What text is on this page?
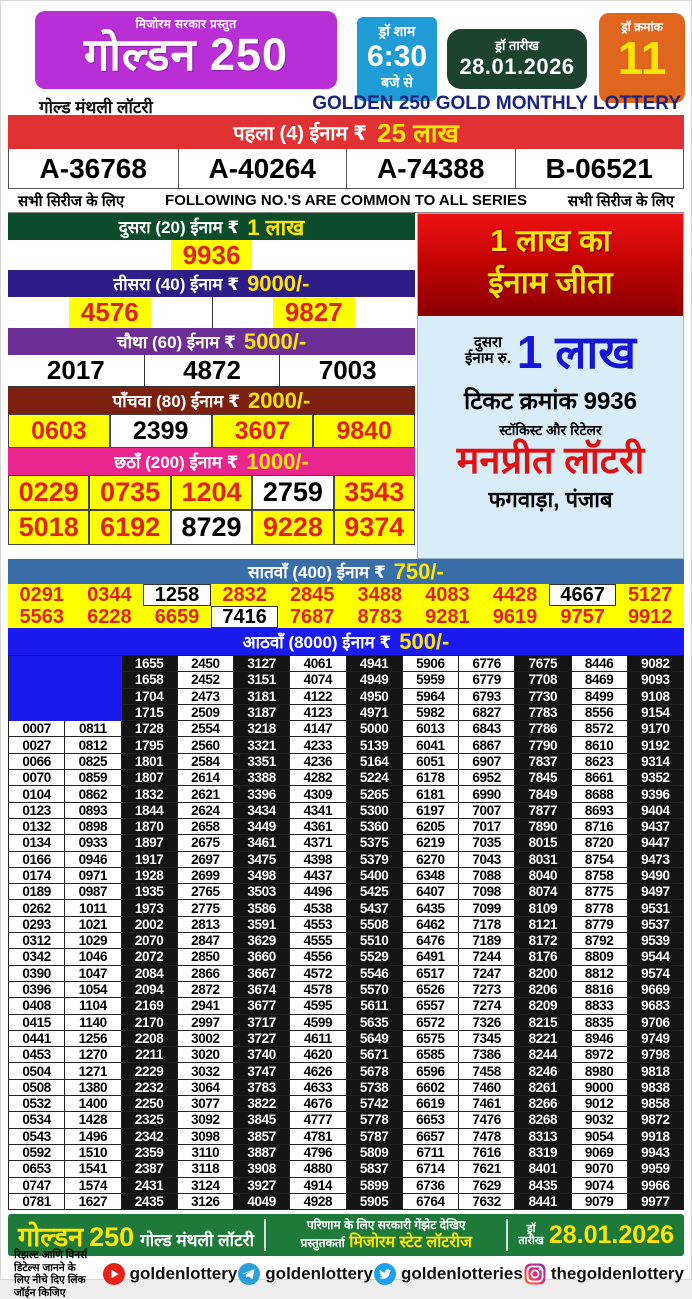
मिजोरम सरकार प्रस्तुत
गोल्डन 250
गोल्ड मंथली लॉटरी
ड्रॉ शाम
6:30
बजे से
ड्रॉ तारीख
28.01.2026
ड्रॉ क्रमांक
11
GOLDEN 250 GOLD MONTHLY LOTTERY
पहला (4) ईनाम ₹ 25 लाख
A-36768	A-40264	A-74388	B-06521
सभी सिरीज के लिए	FOLLOWING NO.'S ARE COMMON TO ALL SERIES	सभी सिरीज के लिए
दुसरा (20) ईनाम ₹ 1 लाख
9936
तीसरा (40) ईनाम ₹ 9000/-
4576	9827
चौथा (60) ईनाम ₹ 5000/-
2017	4872	7003
पाँचवा (80) ईनाम ₹ 2000/-
0603	2399	3607	9840
छठाँ (200) ईनाम ₹ 1000/-
0229 0735 1204 2759 3543
5018 6192 8729 9228 9374
1 लाख का
ईनाम जीता
दुसरा
ईनाम रु. 1 लाख
टिकट क्रमांक 9936
स्टॉकिस्ट और रिटेलर
मनप्रीत लॉटरी
फगवाड़ा, पंजाब
सातवाँ (400) ईनाम ₹ 750/-
0291	0344	1258	2832	2845	3488	4083	4428	4667	5127
5563	6228	6659	7416	7687	8783	9281	9619	9757	9912
आठवाँ (8000) ईनाम ₹ 500/-
1655	2450	3127	4061	4941	5906	6776	7675	8446	9082
1658	2452	3151	4074	4949	5959	6779	7708	8469	9093
1704	2473	3181	4122	4950	5964	6793	7730	8499	9108
1715	2509	3187	4123	4971	5982	6827	7783	8556	9154
0007	0811	1728	2554	3218	4147	5000	6013	6843	7786	8572	9170
0027	0812	1795	2560	3321	4233	5139	6041	6867	7790	8610	9192
0066	0825	1801	2584	3351	4236	5164	6051	6907	7837	8623	9314
0070	0859	1807	2614	3388	4282	5224	6178	6952	7845	8661	9352
0104	0862	1832	2621	3396	4309	5265	6181	6990	7849	8688	9396
0123	0893	1844	2624	3434	4341	5300	6197	7007	7877	8693	9404
0132	0898	1870	2658	3449	4361	5360	6205	7017	7890	8716	9437
0134	0933	1897	2675	3461	4371	5375	6219	7035	8015	8720	9447
0166	0946	1917	2697	3475	4398	5379	6270	7043	8031	8754	9473
0174	0971	1928	2699	3498	4437	5400	6348	7088	8040	8758	9490
0189	0987	1935	2765	3503	4496	5425	6407	7098	8074	8775	9497
0262	1011	1973	2775	3586	4538	5437	6435	7099	8109	8778	9531
0293	1021	2002	2813	3591	4553	5508	6462	7178	8121	8779	9537
0312	1029	2070	2847	3629	4555	5510	6476	7189	8172	8792	9539
0342	1046	2072	2850	3660	4556	5529	6491	7244	8176	8809	9544
0390	1047	2084	2866	3667	4572	5546	6517	7247	8200	8812	9574
0396	1054	2094	2872	3674	4578	5570	6526	7273	8206	8816	9669
0408	1104	2169	2941	3677	4595	5611	6557	7274	8209	8833	9683
0415	1140	2170	2997	3717	4599	5635	6572	7326	8215	8835	9706
0441	1256	2208	3002	3727	4611	5649	6575	7345	8221	8946	9749
0453	1270	2211	3020	3740	4620	5671	6585	7386	8244	8972	9798
0504	1271	2229	3032	3747	4626	5678	6596	7458	8246	8980	9818
0508	1380	2232	3064	3783	4633	5738	6602	7460	8261	9000	9838
0532	1400	2250	3077	3822	4676	5742	6619	7461	8266	9012	9858
0534	1428	2325	3092	3845	4777	5778	6653	7476	8268	9032	9872
0543	1496	2342	3098	3857	4781	5787	6657	7478	8313	9054	9918
0592	1510	2359	3110	3887	4796	5809	6711	7616	8319	9069	9943
0653	1541	2387	3118	3908	4880	5837	6714	7621	8401	9070	9959
0747	1574	2431	3124	3927	4914	5899	6736	7629	8435	9074	9966
0781	1627	2435	3126	4049	4928	5905	6764	7632	8441	9079	9977
गोल्डन 250 गोल्ड मंथली लॉटरी
परिणाम के लिए सरकारी गेंझेट देखिए
प्रस्तुतकर्ता मिजोरम स्टेट लॉटरीज
ड्रॉ
तारीख 28.01.2026
रिझल्ट आणि विनर्स डिटेल्स जानने के
लिए नीचे दिए लिंक जॉईन किजिए
goldenlottery goldenlottery goldenlotteries thegoldenlottery
